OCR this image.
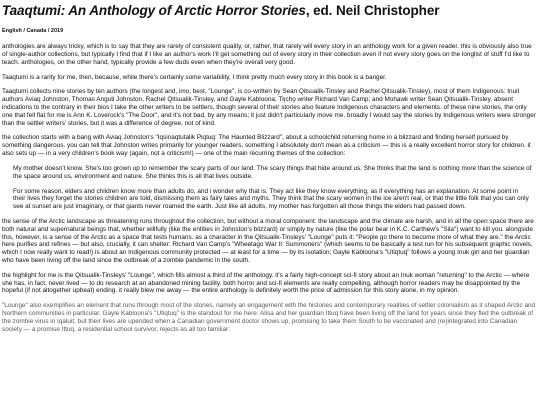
Taaqtumi: An Anthology of Arctic Horror Stories, ed. Neil Christopher
English / Canada / 2019

anthologies are always tricky, which is to say that they are rarely of consistent quality, or, rather, that rarely will every story in an anthology work for a given reader. this is obviously also true of single-author collections, but typically I find that if I like an author's work I'll get something out of every story in their collection even if not every story goes on the longlist of stuff I'd like to teach. anthologies, on the other hand, typically provide a few duds even when they're overall very good.

Taaqtumi is a rarity for me, then, because, while there's certainly some variability, I think pretty much every story in this book is a banger.

Taaqtumi collects nine stories by ten authors (the longest and, imo, best, "Lounge", is co-written by Sean Qitsualik-Tinsley and Rachel Qitsualik-Tinsley), most of them Indigenous: Inuit authors Aviaq Johnston, Thomas Anguti Johnston, Rachel Qitsualik-Tinsley, and Gayle Kabloona; Tłı̨chǫ writer Richard Van Camp; and Mohawk writer Sean Qitsualik-Tinsley. absent indications to the contrary in their bios I take the other writers to be settlers, though several of their stories also feature Indigenous characters and elements. of these nine stories, the only one that fell flat for me is Ann K. Loverock's "The Door", and it's not bad, by any means; it just didn't particularly move me. broadly I would say the stories by Indigenous writers were stronger than the settler writers' stories, but it was a difference of degree, not of kind.

the collection starts with a bang with Aviaq Johnston's "Iqsinaqtutalik Piqtuq: The Haunted Blizzard", about a schoolchild returning home in a blizzard and finding herself pursued by something dangerous. you can tell that Johnston writes primarily for younger readers, something I absolutely don't mean as a criticism — this is a really excellent horror story for children. it also sets up — in a very children's book way (again, not a criticism!) — one of the main recurring themes of the collection:

My mother doesn't know. She's too grown up to remember the scary parts of our land. The scary things that hide around us. She thinks that the land is nothing more than the science of the space around us, environment and nature. She thinks this is all that lives outside.

For some reason, elders and children know more than adults do, and i wonder why that is. They act like they know everything, as if everything has an explanation. At some point in their lives they forget the stories children are told, dismissing them as fairy tales and myths. They think that the scary women in the ice aren't real, or that the little folk that you can only see at sunset are just imaginary, or that giants never roamed the earth. Just like all adults, my mother has forgotten all those things the elders had passed down.

the sense of the Arctic landscape as threatening runs throughout the collection, but without a moral component: the landscape and the climate are harsh, and in all the open space there are both natural and supernatural beings that, whether willfully (like the entities in Johnston's blizzard) or simply by nature (like the polar bear in K.C. Carthew's "Sila") want to kill you. alongside this, however, is a sense of the Arctic as a space that tests humans. as a character in the Qitsualik-Tinsleys' "Lounge" puts it: "People go there to become more of what they are." the Arctic here purifies and refines — but also, crucially, it can shelter: Richard Van Camp's "Wheetago War II: Summoners" (which seems to be basically a test run for his subsequent graphic novels, which I now really want to read!) is about an Indigenous community protected — at least for a time — by its isolation; Gayle Kabloona's "Utiqtuq" follows a young Inuk girl and her guardian who have been living off the land since the outbreak of a zombie pandemic in the south.

the highlight for me is the Qitsualik-Tinsleys' "Lounge", which fills almost a third of the anthology. it's a fairly high-concept sci-fi story about an Inuk woman "returning" to the Arctic — where she has, in fact, never lived — to do research at an abandoned mining facility. both horror and sci-fi elements are really compelling, although horror readers may be disappointed by the hopeful (if not altogether upbeat) ending. it really blew me away — the entire anthology is definitely worth the price of admission for this story alone, in my opinion.

"Lounge" also exemplifies an element that runs through most of the stories, namely an engagement with the histories and contemporary realities of settler colonialism as it shaped Arctic and Northern communities in particular. Gayle Kabloona's "Utiqtuq" is the standout for me here: Alisa and her guardian Ittuq have been living off the land for years since they fled the outbreak of the zombie virus in Iqaluit, but their lives are upended when a Canadian government doctor shows up, promising to take them South to be vaccinated and (re)integrated into Canadian society — a promise Ittuq, a residential school survivor, rejects as all too familiar:
